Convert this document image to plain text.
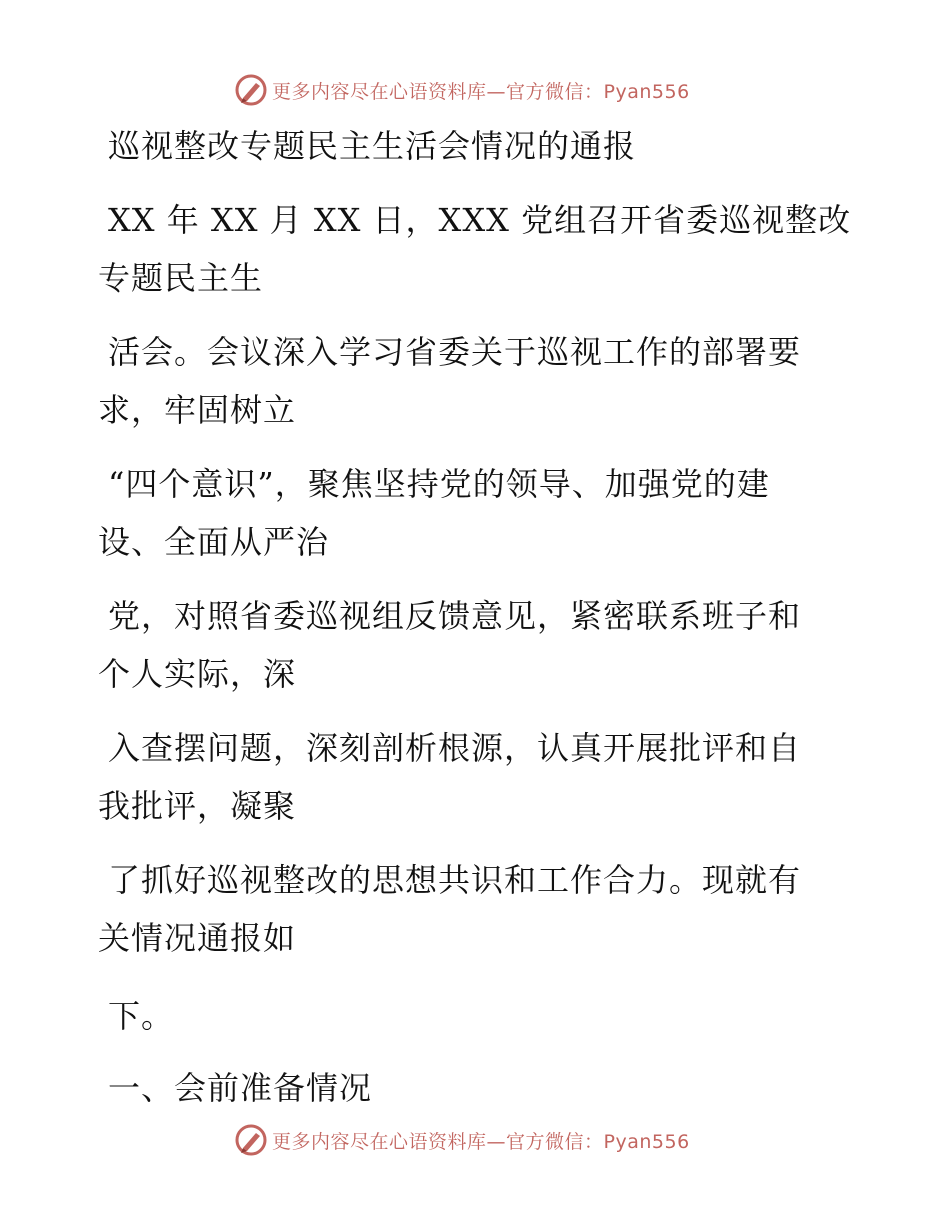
更多内容尽在心语资料库—官方微信：Pyan556

巡视整改专题民主生活会情况的通报

XX 年 XX 月 XX 日，XXX 党组召开省委巡视整改

专题民主生

活会。会议深入学习省委关于巡视工作的部署要

求，牢固树立

“四个意识”，聚焦坚持党的领导、加强党的建

设、全面从严治

党，对照省委巡视组反馈意见，紧密联系班子和

个人实际，深

入查摆问题，深刻剖析根源，认真开展批评和自

我批评，凝聚

了抓好巡视整改的思想共识和工作合力。现就有

关情况通报如

下。

一、会前准备情况

更多内容尽在心语资料库—官方微信：Pyan556
